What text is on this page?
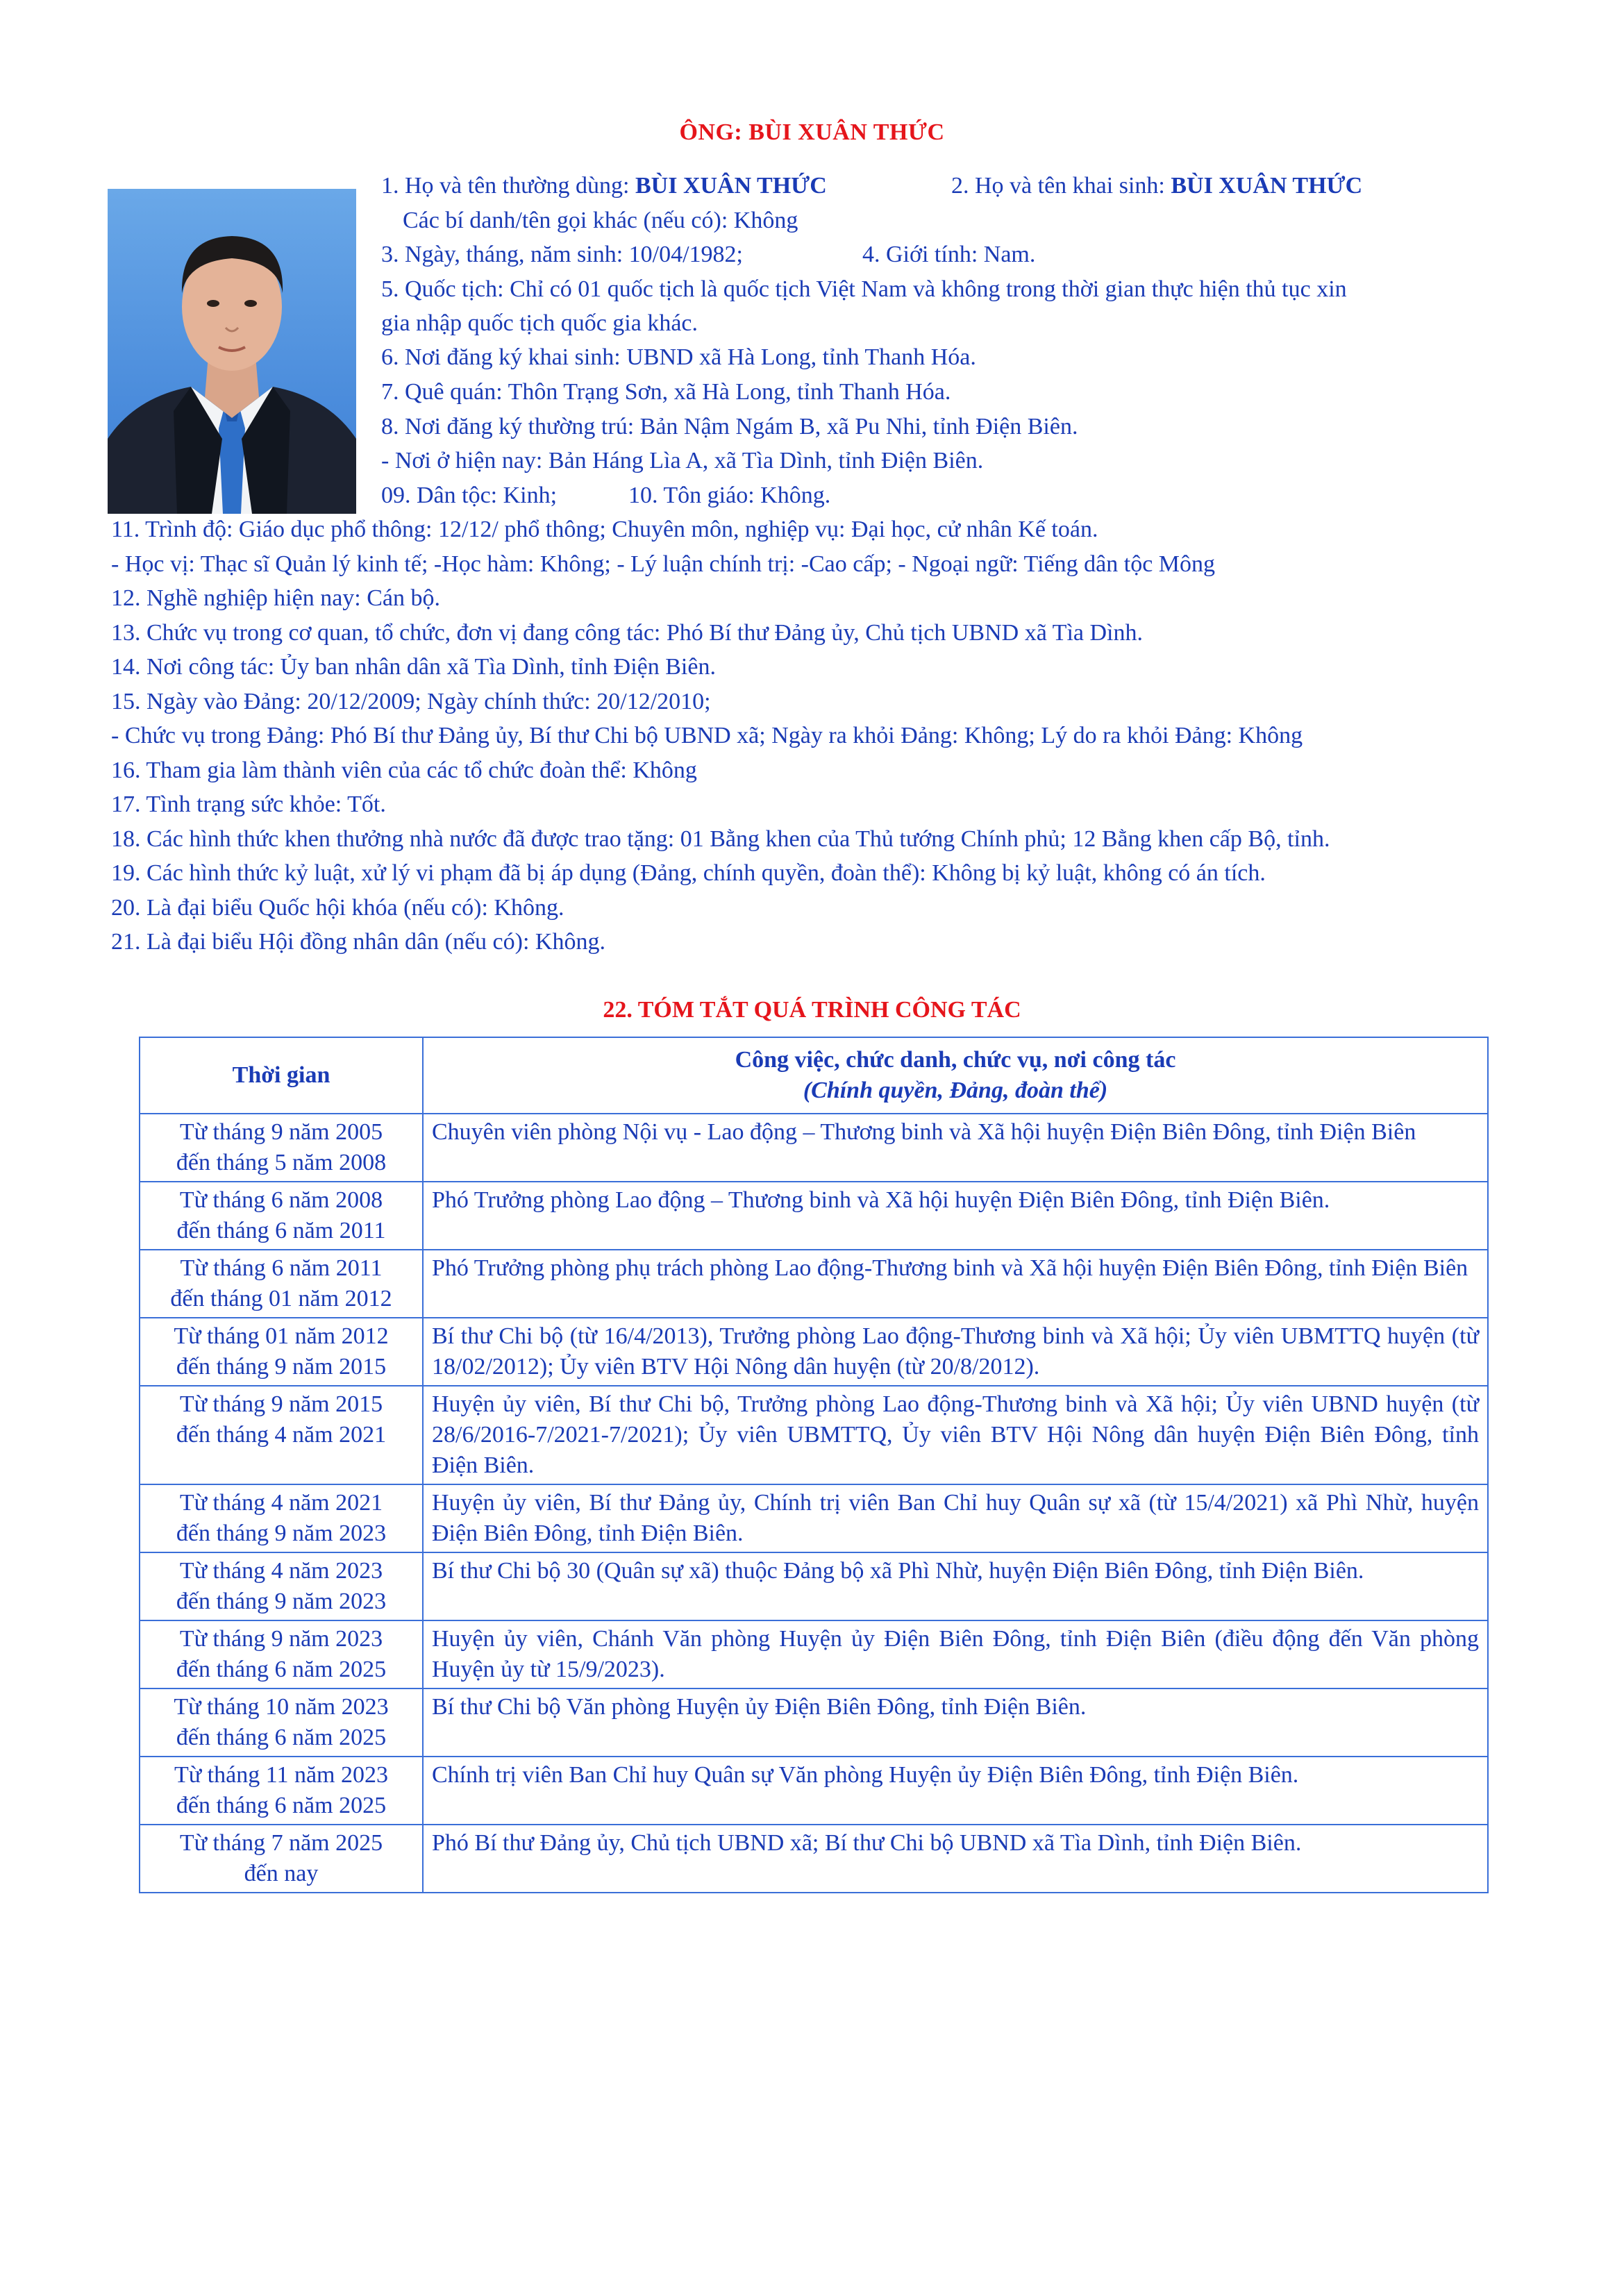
ÔNG: BÙI XUÂN THỨC
1. Họ và tên thường dùng: BÙI XUÂN THỨC	2. Họ và tên khai sinh: BÙI XUÂN THỨC
Các bí danh/tên gọi khác (nếu có): Không
3. Ngày, tháng, năm sinh: 10/04/1982;	4. Giới tính: Nam.
5. Quốc tịch: Chỉ có 01 quốc tịch là quốc tịch Việt Nam và không trong thời gian thực hiện thủ tục xin
gia nhập quốc tịch quốc gia khác.
6. Nơi đăng ký khai sinh: UBND xã Hà Long, tỉnh Thanh Hóa.
7. Quê quán: Thôn Trạng Sơn, xã Hà Long, tỉnh Thanh Hóa.
8. Nơi đăng ký thường trú: Bản Nậm Ngám B, xã Pu Nhi, tỉnh Điện Biên.
- Nơi ở hiện nay: Bản Háng Lìa A, xã Tìa Dình, tỉnh Điện Biên.
09. Dân tộc: Kinh;	10. Tôn giáo: Không.
11. Trình độ: Giáo dục phổ thông: 12/12/ phổ thông; Chuyên môn, nghiệp vụ: Đại học, cử nhân Kế toán.
- Học vị: Thạc sĩ Quản lý kinh tế; -Học hàm: Không; - Lý luận chính trị: -Cao cấp; - Ngoại ngữ: Tiếng dân tộc Mông
12. Nghề nghiệp hiện nay: Cán bộ.
13. Chức vụ trong cơ quan, tổ chức, đơn vị đang công tác: Phó Bí thư Đảng ủy, Chủ tịch UBND xã Tìa Dình.
14. Nơi công tác: Ủy ban nhân dân xã Tìa Dình, tỉnh Điện Biên.
15. Ngày vào Đảng: 20/12/2009; Ngày chính thức: 20/12/2010;
- Chức vụ trong Đảng: Phó Bí thư Đảng ủy, Bí thư Chi bộ UBND xã; Ngày ra khỏi Đảng: Không; Lý do ra khỏi Đảng: Không
16. Tham gia làm thành viên của các tổ chức đoàn thể: Không
17. Tình trạng sức khỏe: Tốt.
18. Các hình thức khen thưởng nhà nước đã được trao tặng: 01 Bằng khen của Thủ tướng Chính phủ; 12 Bằng khen cấp Bộ, tỉnh.
19. Các hình thức kỷ luật, xử lý vi phạm đã bị áp dụng (Đảng, chính quyền, đoàn thể): Không bị kỷ luật, không có án tích.
20. Là đại biểu Quốc hội khóa (nếu có): Không.
21. Là đại biểu Hội đồng nhân dân (nếu có): Không.
22. TÓM TẮT QUÁ TRÌNH CÔNG TÁC
Thời gian	Công việc, chức danh, chức vụ, nơi công tác
(Chính quyền, Đảng, đoàn thể)

Từ tháng 9 năm 2005
đến tháng 5 năm 2008	Chuyên viên phòng Nội vụ - Lao động – Thương binh và Xã hội huyện Điện Biên Đông, tỉnh Điện Biên

Từ tháng 6 năm 2008
đến tháng 6 năm 2011	Phó Trưởng phòng Lao động – Thương binh và Xã hội huyện Điện Biên Đông, tỉnh Điện Biên.

Từ tháng 6 năm 2011
đến tháng 01 năm 2012	Phó Trưởng phòng phụ trách phòng Lao động-Thương binh và Xã hội huyện Điện Biên Đông, tỉnh Điện Biên

Từ tháng 01 năm 2012
đến tháng 9 năm 2015	Bí thư Chi bộ (từ 16/4/2013), Trưởng phòng Lao động-Thương binh và Xã hội; Ủy viên UBMTTQ huyện (từ 18/02/2012); Ủy viên BTV Hội Nông dân huyện (từ 20/8/2012).

Từ tháng 9 năm 2015
đến tháng 4 năm 2021	Huyện ủy viên, Bí thư Chi bộ, Trưởng phòng Lao động-Thương binh và Xã hội; Ủy viên UBND huyện (từ 28/6/2016-7/2021-7/2021); Ủy viên UBMTTQ, Ủy viên BTV Hội Nông dân huyện Điện Biên Đông, tỉnh Điện Biên.

Từ tháng 4 năm 2021
đến tháng 9 năm 2023	Huyện ủy viên, Bí thư Đảng ủy, Chính trị viên Ban Chỉ huy Quân sự xã (từ 15/4/2021) xã Phì Nhừ, huyện Điện Biên Đông, tỉnh Điện Biên.

Từ tháng 4 năm 2023
đến tháng 9 năm 2023	Bí thư Chi bộ 30 (Quân sự xã) thuộc Đảng bộ xã Phì Nhừ, huyện Điện Biên Đông, tỉnh Điện Biên.

Từ tháng 9 năm 2023
đến tháng 6 năm 2025	Huyện ủy viên, Chánh Văn phòng Huyện ủy Điện Biên Đông, tỉnh Điện Biên (điều động đến Văn phòng Huyện ủy từ 15/9/2023).

Từ tháng 10 năm 2023
đến tháng 6 năm 2025	Bí thư Chi bộ Văn phòng Huyện ủy Điện Biên Đông, tỉnh Điện Biên.

Từ tháng 11 năm 2023
đến tháng 6 năm 2025	Chính trị viên Ban Chỉ huy Quân sự Văn phòng Huyện ủy Điện Biên Đông, tỉnh Điện Biên.

Từ tháng 7 năm 2025
đến nay	Phó Bí thư Đảng ủy, Chủ tịch UBND xã; Bí thư Chi bộ UBND xã Tìa Dình, tỉnh Điện Biên.
